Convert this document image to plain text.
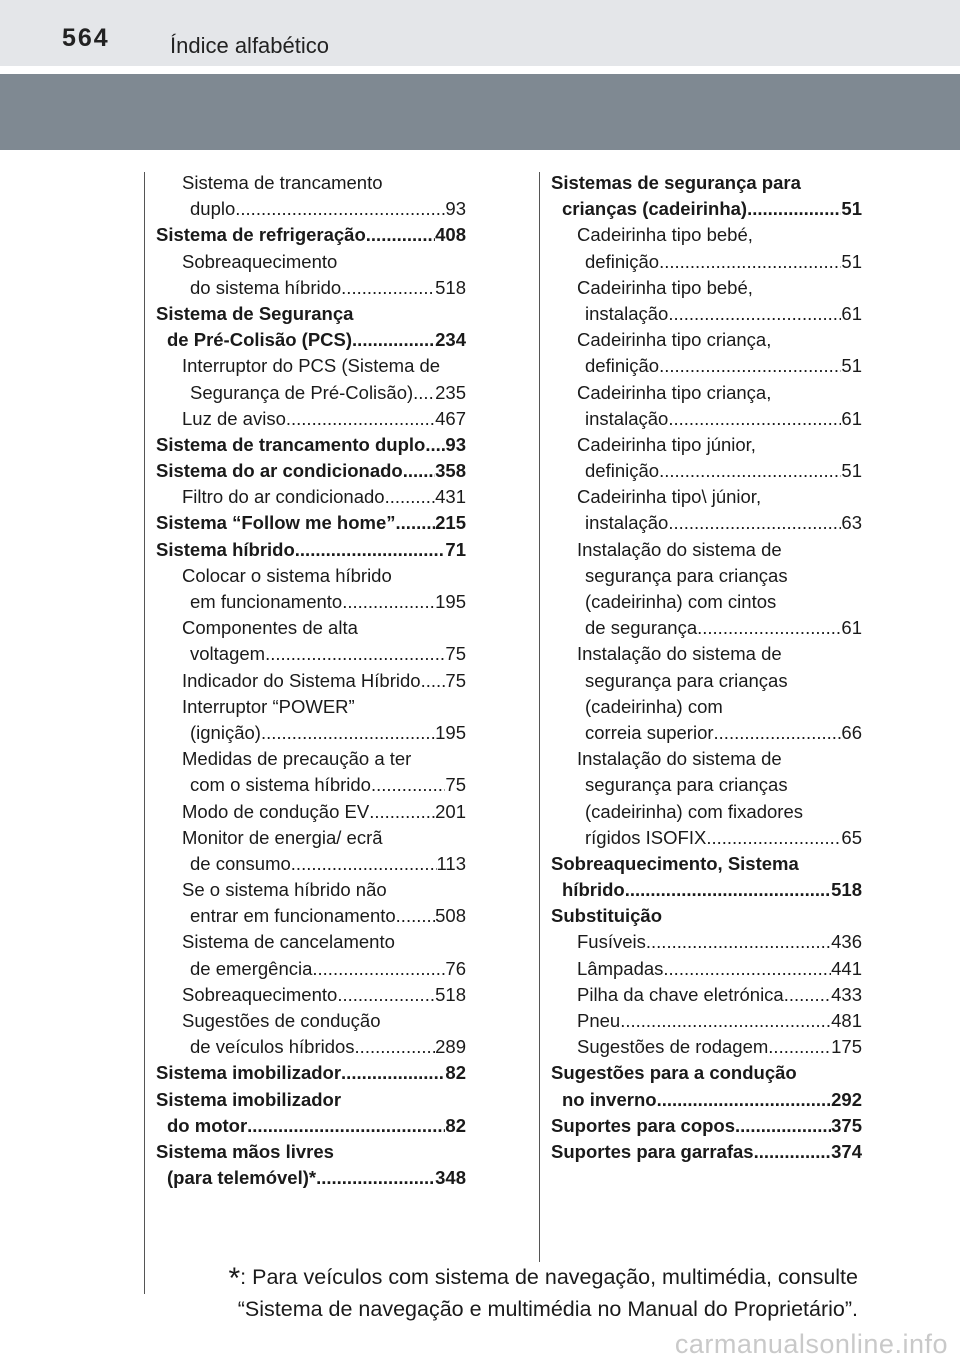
564	Índice alfabético
Sistema de trancamento
duplo .....	93
Sistema de refrigeração .....	408
Sobreaquecimento
do sistema híbrido .....	518
Sistema de Segurança
de Pré-Colisão (PCS) .....	234
Interruptor do PCS (Sistema de
Segurança de Pré-Colisão) ..... 235
Luz de aviso .....	467
Sistema de trancamento duplo ..... 93
Sistema do ar condicionado ..... 358
Filtro do ar condicionado .....	431
Sistema “Follow me home” ..... 215
Sistema híbrido .....	71
Colocar o sistema híbrido
em funcionamento .....	195
Componentes de alta
voltagem .....	75
Indicador do Sistema Híbrido ..... 75
Interruptor “POWER”
(ignição) .....	195
Medidas de precaução a ter
com o sistema híbrido .....	75
Modo de condução EV .....	201
Monitor de energia/ ecrã
de consumo .....	113
Se o sistema híbrido não
entrar em funcionamento ..... 508
Sistema de cancelamento
de emergência .....	76
Sobreaquecimento .....	518
Sugestões de condução
de veículos híbridos .....	289
Sistema imobilizador .....	82
Sistema imobilizador
do motor .....	82
Sistema mãos livres
(para telemóvel)* .....	348
Sistemas de segurança para
crianças (cadeirinha) .....	51
Cadeirinha tipo bebé,
definição .....	51
Cadeirinha tipo bebé,
instalação .....	61
Cadeirinha tipo criança,
definição .....	51
Cadeirinha tipo criança,
instalação .....	61
Cadeirinha tipo júnior,
definição .....	51
Cadeirinha tipo\ júnior,
instalação .....	63
Instalação do sistema de
segurança para crianças
(cadeirinha) com cintos
de segurança .....	61
Instalação do sistema de
segurança para crianças
(cadeirinha) com
correia superior .....	66
Instalação do sistema de
segurança para crianças
(cadeirinha) com fixadores
rígidos ISOFIX .....	65
Sobreaquecimento, Sistema
híbrido .....	518
Substituição
Fusíveis .....	436
Lâmpadas .....	441
Pilha da chave eletrónica .....	433
Pneu .....	481
Sugestões de rodagem .....	175
Sugestões para a condução
no inverno .....	292
Suportes para copos .....	375
Suportes para garrafas .....	374
*: Para veículos com sistema de navegação, multimédia, consulte
“Sistema de navegação e multimédia no Manual do Proprietário”.
carmanualsonline.info
